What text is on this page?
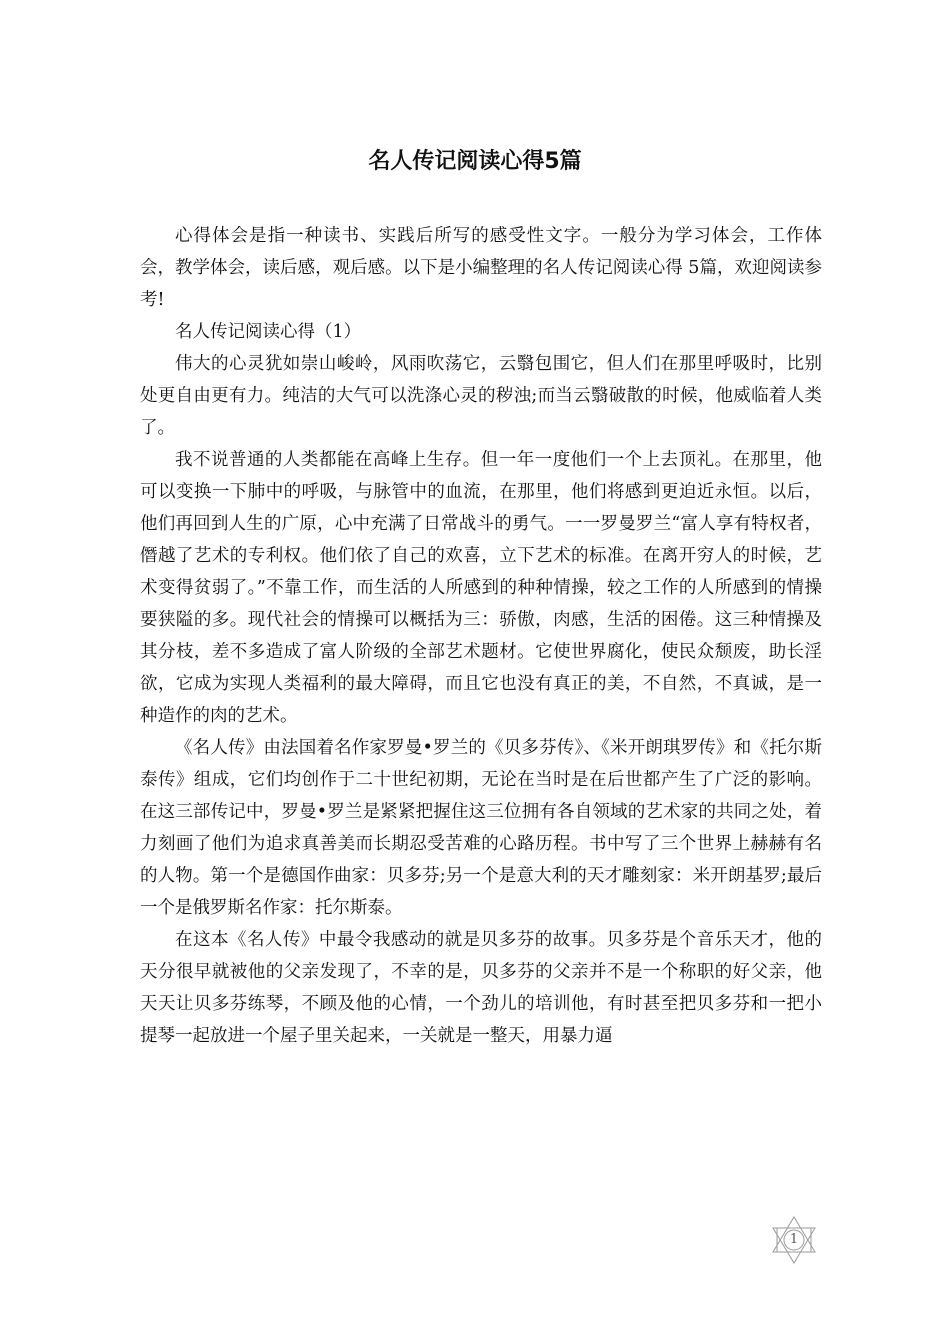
名人传记阅读心得5篇

心得体会是指一种读书、实践后所写的感受性文字。一般分为学习体会，工作体会，教学体会，读后感，观后感。以下是小编整理的名人传记阅读心得 5篇，欢迎阅读参考!

名人传记阅读心得（1）

伟大的心灵犹如崇山峻岭，风雨吹荡它，云翳包围它，但人们在那里呼吸时，比别处更自由更有力。纯洁的大气可以洗涤心灵的秽浊;而当云翳破散的时候，他威临着人类了。

我不说普通的人类都能在高峰上生存。但一年一度他们一个上去顶礼。在那里，他可以变换一下肺中的呼吸，与脉管中的血流，在那里，他们将感到更迫近永恒。以后，他们再回到人生的广原，心中充满了日常战斗的勇气。一一罗曼罗兰“富人享有特权者，僭越了艺术的专利权。他们依了自己的欢喜，立下艺术的标准。在离开穷人的时候，艺术变得贫弱了。”不靠工作，而生活的人所感到的种种情操，较之工作的人所感到的情操要狭隘的多。现代社会的情操可以概括为三：骄傲，肉感，生活的困倦。这三种情操及其分枝，差不多造成了富人阶级的全部艺术题材。它使世界腐化，使民众颓废，助长淫欲，它成为实现人类福利的最大障碍，而且它也没有真正的美，不自然，不真诚，是一种造作的肉的艺术。

《名人传》由法国着名作家罗曼•罗兰的《贝多芬传》、《米开朗琪罗传》和《托尔斯泰传》组成，它们均创作于二十世纪初期，无论在当时是在后世都产生了广泛的影响。在这三部传记中，罗曼•罗兰是紧紧把握住这三位拥有各自领域的艺术家的共同之处，着力刻画了他们为追求真善美而长期忍受苦难的心路历程。书中写了三个世界上赫赫有名的人物。第一个是德国作曲家：贝多芬;另一个是意大利的天才雕刻家：米开朗基罗;最后一个是俄罗斯名作家：托尔斯泰。

在这本《名人传》中最令我感动的就是贝多芬的故事。贝多芬是个音乐天才，他的天分很早就被他的父亲发现了，不幸的是，贝多芬的父亲并不是一个称职的好父亲，他天天让贝多芬练琴，不顾及他的心情，一个劲儿的培训他，有时甚至把贝多芬和一把小提琴一起放进一个屋子里关起来，一关就是一整天，用暴力逼

1
